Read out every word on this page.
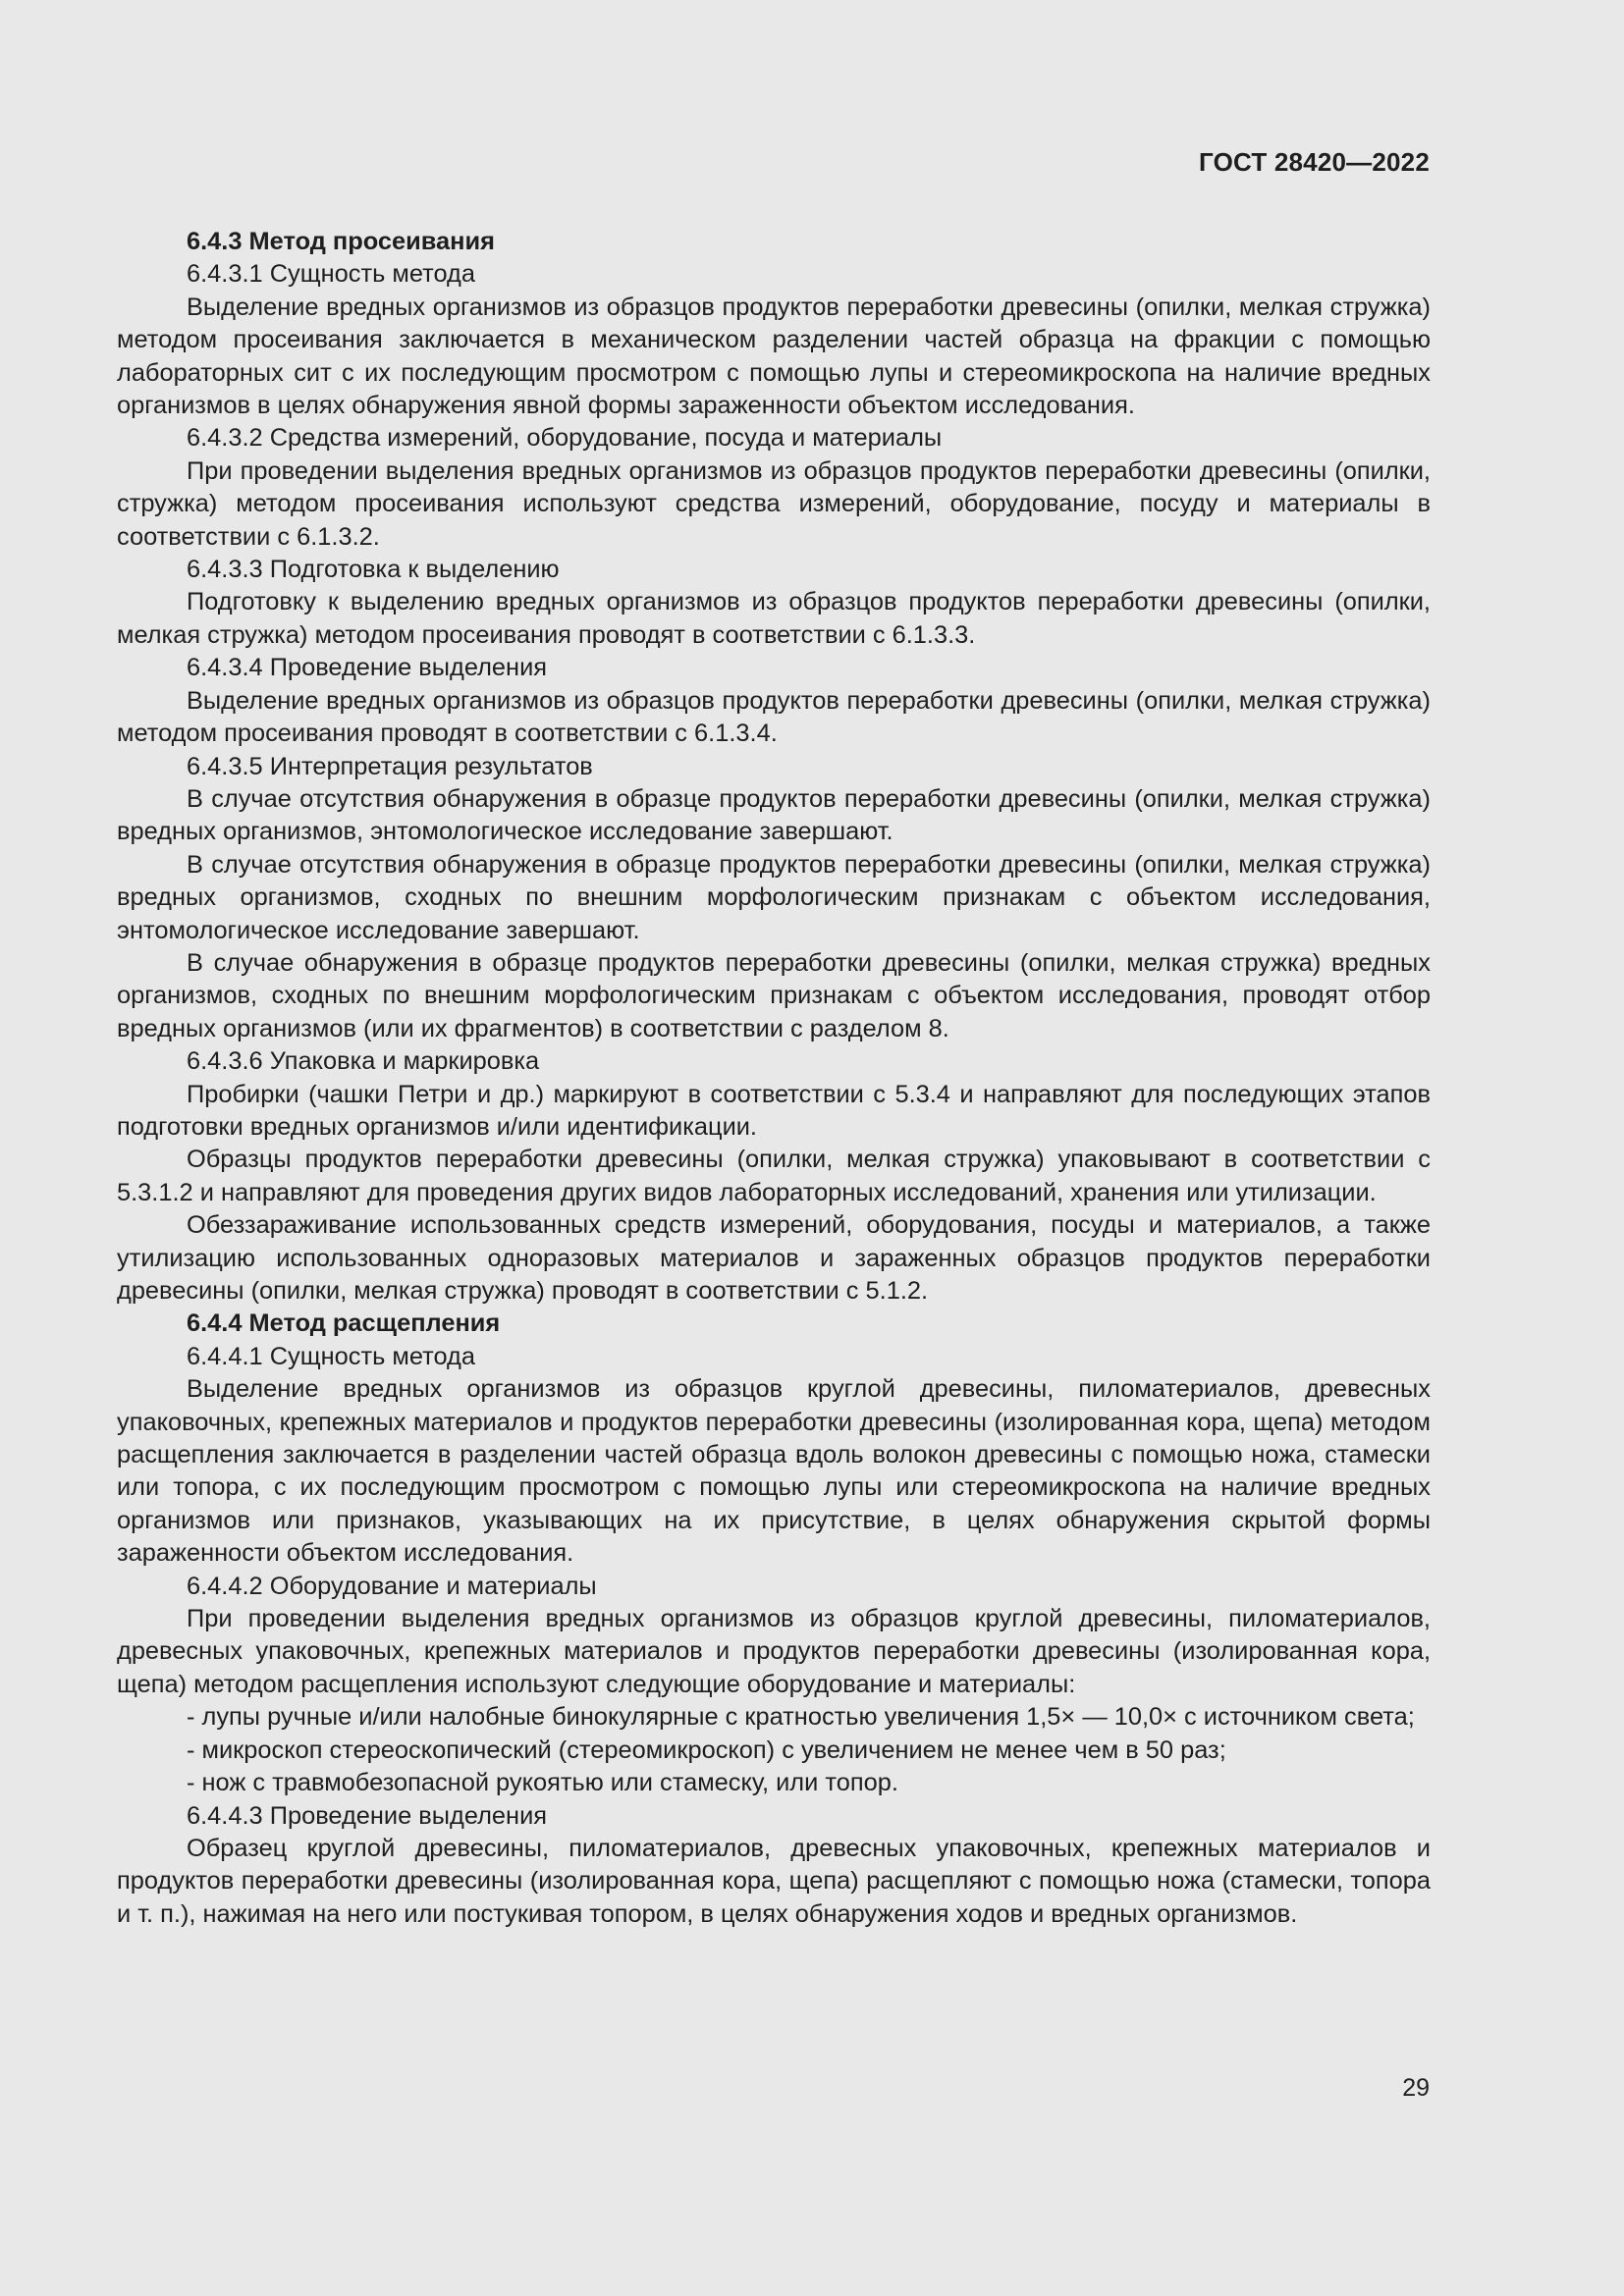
ГОСТ 28420—2022

6.4.3 Метод просеивания

6.4.3.1 Сущность метода

Выделение вредных организмов из образцов продуктов переработки древесины (опилки, мелкая стружка) методом просеивания заключается в механическом разделении частей образца на фракции с помощью лабораторных сит с их последующим просмотром с помощью лупы и стереомикроскопа на наличие вредных организмов в целях обнаружения явной формы зараженности объектом исследования.

6.4.3.2 Средства измерений, оборудование, посуда и материалы

При проведении выделения вредных организмов из образцов продуктов переработки древесины (опилки, стружка) методом просеивания используют средства измерений, оборудование, посуду и материалы в соответствии с 6.1.3.2.

6.4.3.3 Подготовка к выделению

Подготовку к выделению вредных организмов из образцов продуктов переработки древесины (опилки, мелкая стружка) методом просеивания проводят в соответствии с 6.1.3.3.

6.4.3.4 Проведение выделения

Выделение вредных организмов из образцов продуктов переработки древесины (опилки, мелкая стружка) методом просеивания проводят в соответствии с 6.1.3.4.

6.4.3.5 Интерпретация результатов

В случае отсутствия обнаружения в образце продуктов переработки древесины (опилки, мелкая стружка) вредных организмов, энтомологическое исследование завершают.

В случае отсутствия обнаружения в образце продуктов переработки древесины (опилки, мелкая стружка) вредных организмов, сходных по внешним морфологическим признакам с объектом исследования, энтомологическое исследование завершают.

В случае обнаружения в образце продуктов переработки древесины (опилки, мелкая стружка) вредных организмов, сходных по внешним морфологическим признакам с объектом исследования, проводят отбор вредных организмов (или их фрагментов) в соответствии с разделом 8.

6.4.3.6 Упаковка и маркировка

Пробирки (чашки Петри и др.) маркируют в соответствии с 5.3.4 и направляют для последующих этапов подготовки вредных организмов и/или идентификации.

Образцы продуктов переработки древесины (опилки, мелкая стружка) упаковывают в соответствии с 5.3.1.2 и направляют для проведения других видов лабораторных исследований, хранения или утилизации.

Обеззараживание использованных средств измерений, оборудования, посуды и материалов, а также утилизацию использованных одноразовых материалов и зараженных образцов продуктов переработки древесины (опилки, мелкая стружка) проводят в соответствии с 5.1.2.

6.4.4 Метод расщепления

6.4.4.1 Сущность метода

Выделение вредных организмов из образцов круглой древесины, пиломатериалов, древесных упаковочных, крепежных материалов и продуктов переработки древесины (изолированная кора, щепа) методом расщепления заключается в разделении частей образца вдоль волокон древесины с помощью ножа, стамески или топора, с их последующим просмотром с помощью лупы или стереомикроскопа на наличие вредных организмов или признаков, указывающих на их присутствие, в целях обнаружения скрытой формы зараженности объектом исследования.

6.4.4.2 Оборудование и материалы

При проведении выделения вредных организмов из образцов круглой древесины, пиломатериалов, древесных упаковочных, крепежных материалов и продуктов переработки древесины (изолированная кора, щепа) методом расщепления используют следующие оборудование и материалы:

- лупы ручные и/или налобные бинокулярные с кратностью увеличения 1,5× — 10,0× с источником света;

- микроскоп стереоскопический (стереомикроскоп) с увеличением не менее чем в 50 раз;

- нож с травмобезопасной рукоятью или стамеску, или топор.

6.4.4.3 Проведение выделения

Образец круглой древесины, пиломатериалов, древесных упаковочных, крепежных материалов и продуктов переработки древесины (изолированная кора, щепа) расщепляют с помощью ножа (стамески, топора и т. п.), нажимая на него или постукивая топором, в целях обнаружения ходов и вредных организмов.

29
